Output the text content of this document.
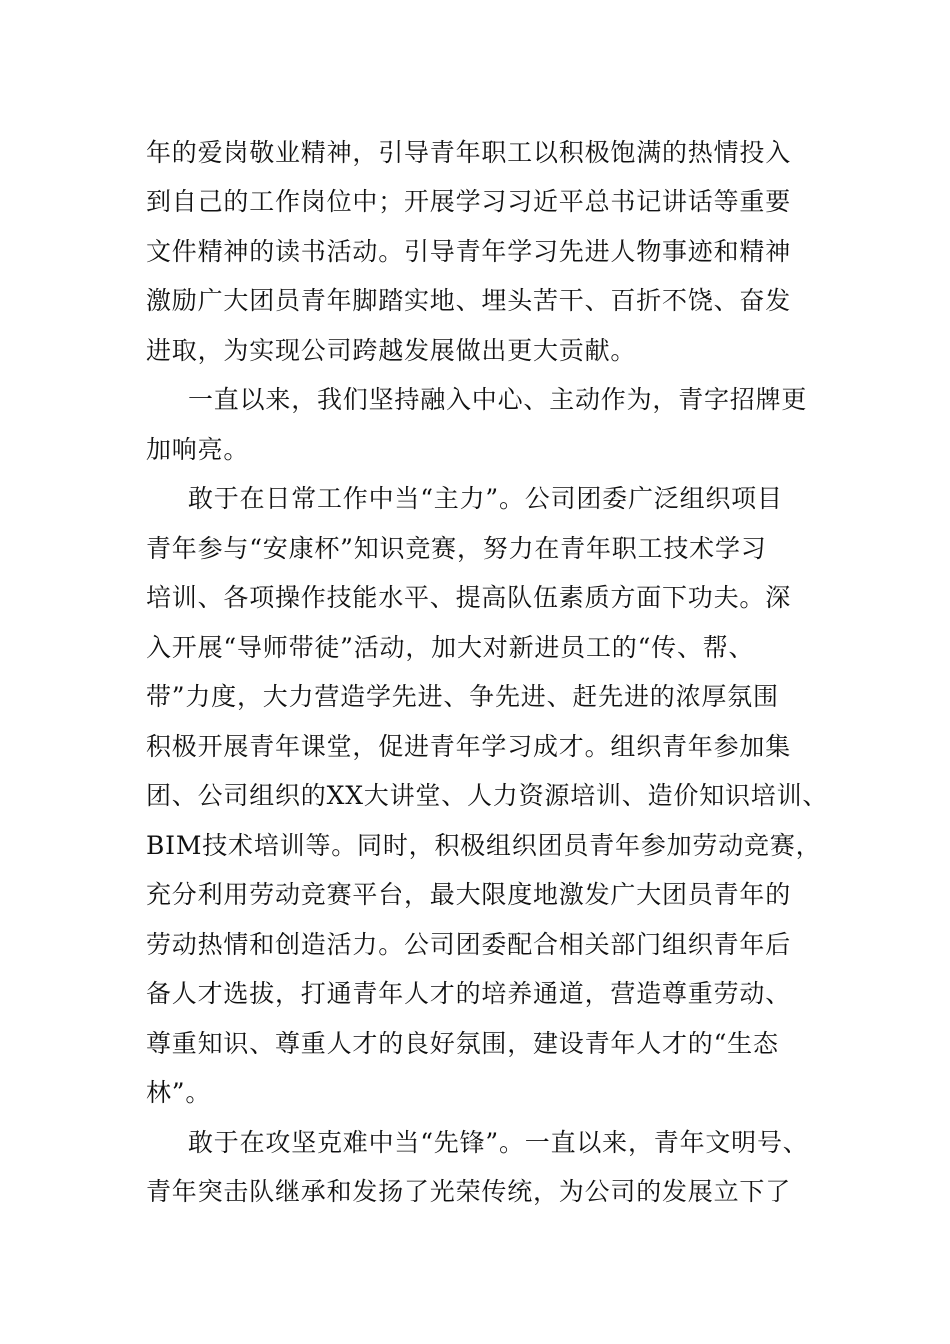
年的爱岗敬业精神，引导青年职工以积极饱满的热情投入
到自己的工作岗位中；开展学习习近平总书记讲话等重要
文件精神的读书活动。引导青年学习先进人物事迹和精神
激励广大团员青年脚踏实地、埋头苦干、百折不饶、奋发
进取，为实现公司跨越发展做出更大贡献。
一直以来，我们坚持融入中心、主动作为，青字招牌更
加响亮。
敢于在日常工作中当“主力”。公司团委广泛组织项目
青年参与“安康杯”知识竞赛，努力在青年职工技术学习
培训、各项操作技能水平、提高队伍素质方面下功夫。深
入开展“导师带徒”活动，加大对新进员工的“传、帮、
带”力度，大力营造学先进、争先进、赶先进的浓厚氛围
积极开展青年课堂，促进青年学习成才。组织青年参加集
团、公司组织的XX大讲堂、人力资源培训、造价知识培训、
BIM技术培训等。同时，积极组织团员青年参加劳动竞赛，
充分利用劳动竞赛平台，最大限度地激发广大团员青年的
劳动热情和创造活力。公司团委配合相关部门组织青年后
备人才选拔，打通青年人才的培养通道，营造尊重劳动、
尊重知识、尊重人才的良好氛围，建设青年人才的“生态
林”。
敢于在攻坚克难中当“先锋”。一直以来，青年文明号、
青年突击队继承和发扬了光荣传统，为公司的发展立下了
